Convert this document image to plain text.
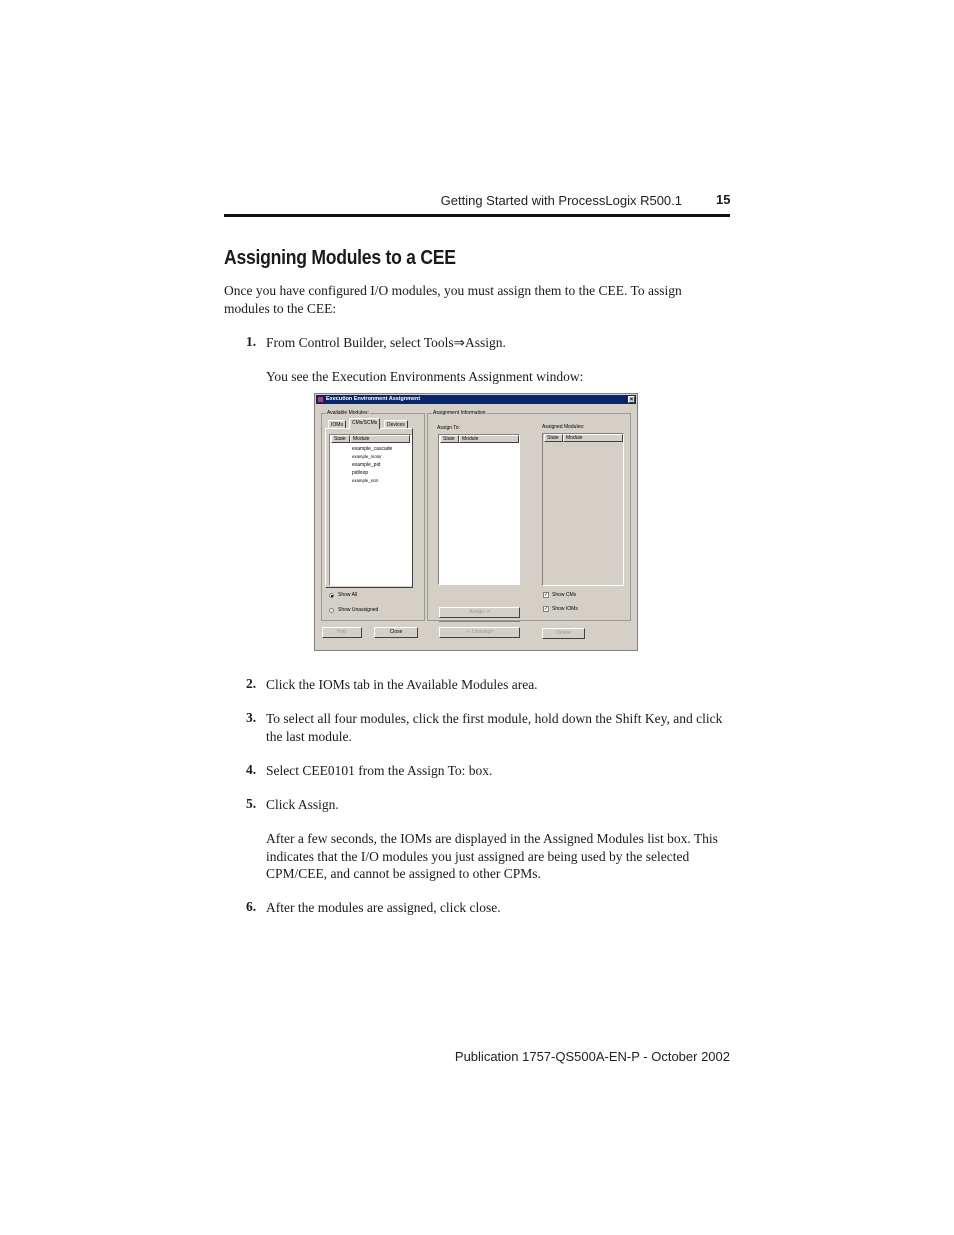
Getting Started with ProcessLogix R500.1	15
Assigning Modules to a CEE
Once you have configured I/O modules, you must assign them to the CEE. To assign modules to the CEE:
1. From Control Builder, select Tools⇒Assign.
You see the Execution Environments Assignment window:
Execution Environment Assignment	×
Available Modules:
IOMs	CMs/SCMs	Devices
State	Module
example_cascade
example_motor
example_pid
pidloop
example_scm
Show All
Show Unassigned
Assignment Information
Assign To:
State	Module
Assigned Modules:
State	Module
✓ Show CMs
✓ Show IOMs
Assign ->
Help	Close	<- Unassign	Delete
2. Click the IOMs tab in the Available Modules area.
3. To select all four modules, click the first module, hold down the Shift Key, and click the last module.
4. Select CEE0101 from the Assign To: box.
5. Click Assign.
After a few seconds, the IOMs are displayed in the Assigned Modules list box. This indicates that the I/O modules you just assigned are being used by the selected CPM/CEE, and cannot be assigned to other CPMs.
6. After the modules are assigned, click close.
Publication 1757-QS500A-EN-P - October 2002
